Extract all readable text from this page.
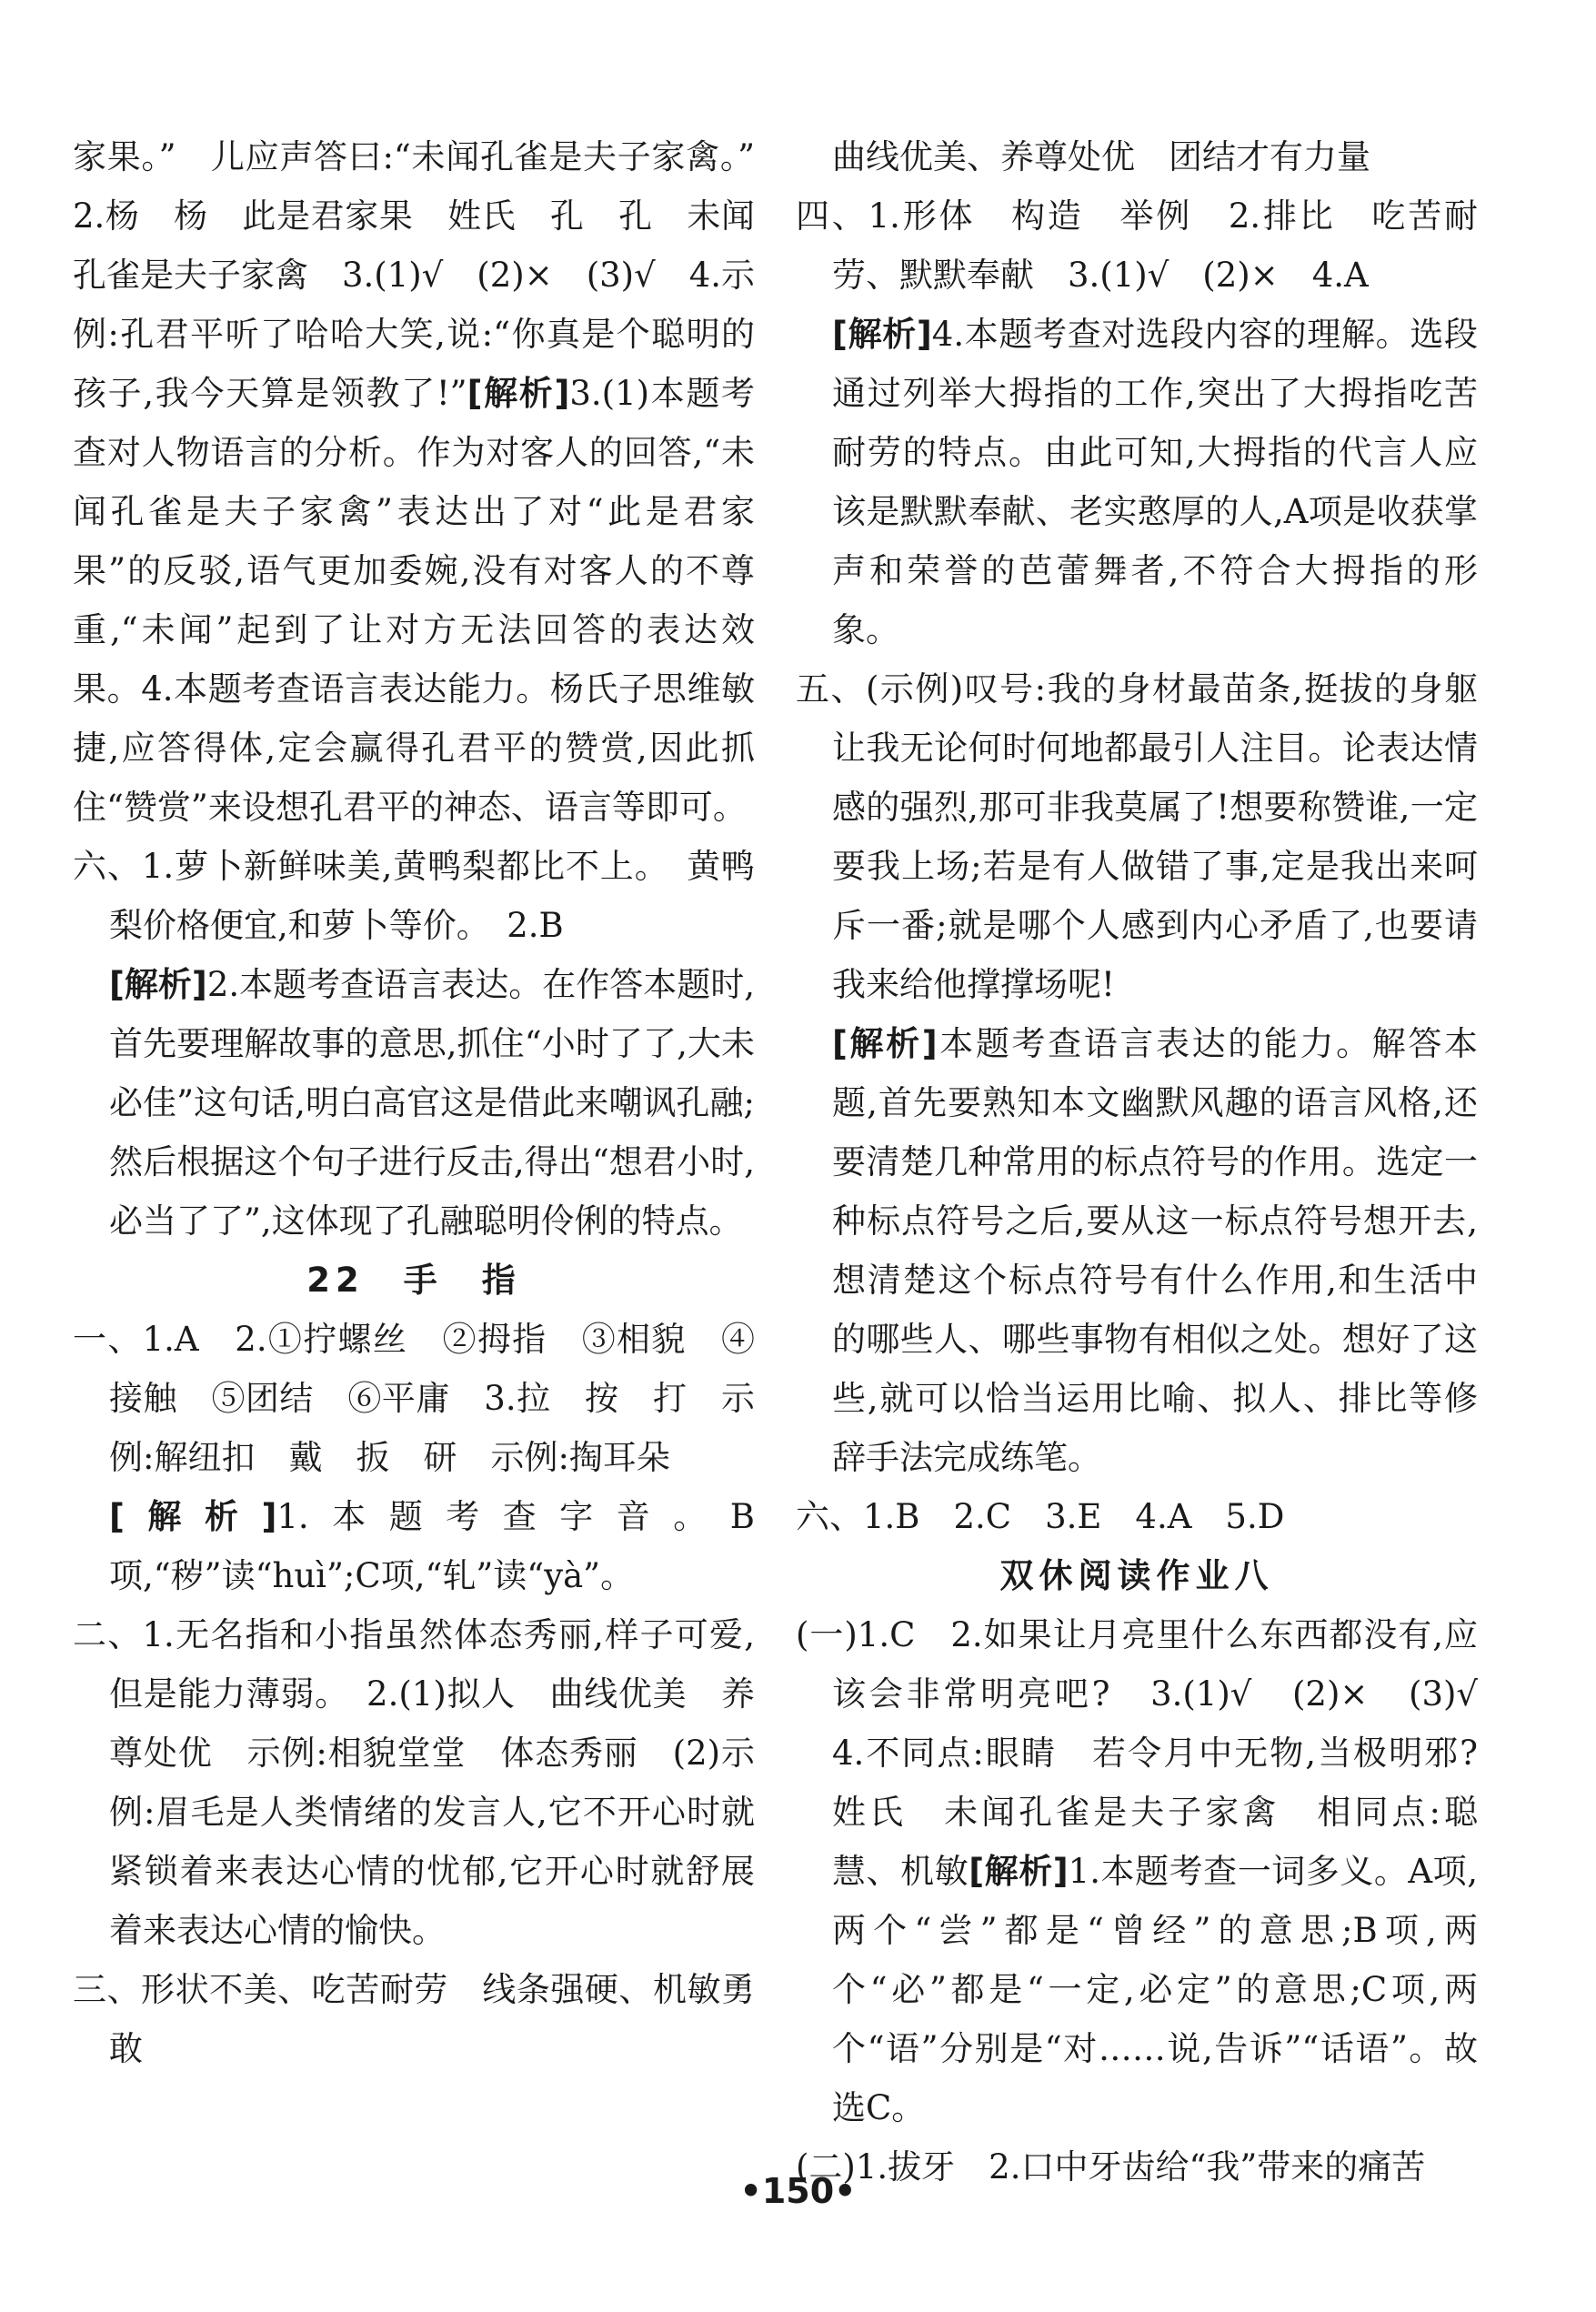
家果。”　儿应声答曰:“未闻孔雀是夫子家禽。”　2.杨　杨　此是君家果　姓氏　孔　孔　未闻孔雀是夫子家禽　3.(1)√　(2)×　(3)√　4.示例:孔君平听了哈哈大笑,说:“你真是个聪明的孩子,我今天算是领教了!”[解析]3.(1)本题考查对人物语言的分析。作为对客人的回答,“未闻孔雀是夫子家禽”表达出了对“此是君家果”的反驳,语气更加委婉,没有对客人的不尊重,“未闻”起到了让对方无法回答的表达效果。4.本题考查语言表达能力。杨氏子思维敏捷,应答得体,定会赢得孔君平的赞赏,因此抓住“赞赏”来设想孔君平的神态、语言等即可。

六、1.萝卜新鲜味美,黄鸭梨都比不上。　黄鸭梨价格便宜,和萝卜等价。　2.B

[解析]2.本题考查语言表达。在作答本题时,首先要理解故事的意思,抓住“小时了了,大未必佳”这句话,明白高官这是借此来嘲讽孔融;然后根据这个句子进行反击,得出“想君小时,必当了了”,这体现了孔融聪明伶俐的特点。

22　手　指

一、1.A　2.①拧螺丝　②拇指　③相貌　④接触　⑤团结　⑥平庸　3.拉　按　打　示例:解纽扣　戴　扳　研　示例:掏耳朵

[解析]1.本题考查字音。B项,“秽”读“huì”;C项,“轧”读“yà”。

二、1.无名指和小指虽然体态秀丽,样子可爱,但是能力薄弱。　2.(1)拟人　曲线优美　养尊处优　示例:相貌堂堂　体态秀丽　(2)示例:眉毛是人类情绪的发言人,它不开心时就紧锁着来表达心情的忧郁,它开心时就舒展着来表达心情的愉快。

三、形状不美、吃苦耐劳　线条强硬、机敏勇敢

曲线优美、养尊处优　团结才有力量

四、1.形体　构造　举例　2.排比　吃苦耐劳、默默奉献　3.(1)√　(2)×　4.A

[解析]4.本题考查对选段内容的理解。选段通过列举大拇指的工作,突出了大拇指吃苦耐劳的特点。由此可知,大拇指的代言人应该是默默奉献、老实憨厚的人,A项是收获掌声和荣誉的芭蕾舞者,不符合大拇指的形象。

五、(示例)叹号:我的身材最苗条,挺拔的身躯让我无论何时何地都最引人注目。论表达情感的强烈,那可非我莫属了!想要称赞谁,一定要我上场;若是有人做错了事,定是我出来呵斥一番;就是哪个人感到内心矛盾了,也要请我来给他撑撑场呢!

[解析]本题考查语言表达的能力。解答本题,首先要熟知本文幽默风趣的语言风格,还要清楚几种常用的标点符号的作用。选定一种标点符号之后,要从这一标点符号想开去,想清楚这个标点符号有什么作用,和生活中的哪些人、哪些事物有相似之处。想好了这些,就可以恰当运用比喻、拟人、排比等修辞手法完成练笔。

六、1.B　2.C　3.E　4.A　5.D

双休阅读作业八

(一)1.C　2.如果让月亮里什么东西都没有,应该会非常明亮吧?　3.(1)√　(2)×　(3)√　4.不同点:眼睛　若令月中无物,当极明邪?　姓氏　未闻孔雀是夫子家禽　相同点:聪慧、机敏[解析]1.本题考查一词多义。A项,两个“尝”都是“曾经”的意思;B项,两个“必”都是“一定,必定”的意思;C项,两个“语”分别是“对……说,告诉”“话语”。故选C。

(二)1.拔牙　2.口中牙齿给“我”带来的痛苦

•150•
